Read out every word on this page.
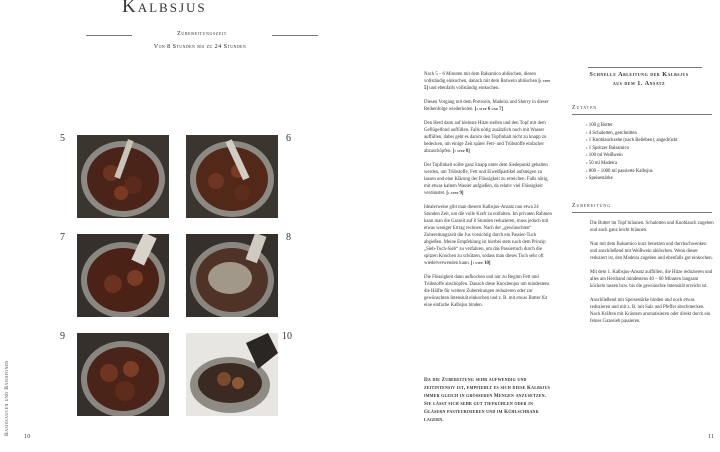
Kalbsjus
Zubereitungszeit
Von 8 Stunden bis zu 24 Stunden
5	6
7	8
9	10

Nach 5 – 6 Minuten mit dem Balsamico ablöschen, diesen vollständig einkochen, danach mit dem Rotwein ablöschen [› step 5] und ebenfalls vollständig einkochen.

Diesen Vorgang mit dem Portwein, Madeira und Sherry in dieser Reihenfolge wiederholen. [› step 6 und 7]

Den Herd dann auf kleinste Hitze stellen und den Topf mit dem Geflügelfond auffüllen. Falls nötig zusätzlich noch mit Wasser auffüllen, dabei geht es darum den Topfinhalt nicht zu knapp zu bedecken, um einige Zeit später Fett- und Trübstoffe einfacher abzuschöpfen. [› step 8]

Der Topfinhalt sollte ganz knapp unter dem Siedepunkt gehalten werden, um Trübstoffe, Fett und Eiweißpartikel aufsteigen zu lassen und eine Klärung der Flüssigkeit zu erreichen. Falls nötig, mit etwas kaltem Wasser aufgießen, da relativ viel Flüssigkeit verdunstet. [› step 9]

Idealerweise gibt man diesem Kalbsjus-Ansatz nun etwa 24 Stunden Zeit, um die volle Kraft zu entfalten. Im privaten Rahmen kann man die Garzeit auf 8 Stunden reduzieren, muss jedoch mit etwas weniger Ertrag rechnen. Nach der „gewünschten“ Zubereitungszeit die Jus vorsichtig durch ein Passier-Tuch abgießen. Meine Empfehlung ist hierbei stets nach dem Prinzip „Sieb-Tuch-Sieb“ zu verfahren, um das Passiertuch durch die spitzen Knochen zu schützen, sodass man dieses Tuch sehr oft wiederverwenden kann. [› step 10]

Die Flüssigkeit dann aufkochen und nur zu Beginn Fett und Trübstoffe abschöpfen. Danach diese Knochenjus um mindestens die Hälfte für weitere Zubereitungen reduzieren oder zur gewünschten Intensität einkochen und z. B. mit etwas Butter für eine einfache Kalbsjus binden.

Da die Zubereitung sehr aufwendig und zeitintensiv ist, empfiehlt es sich diese Kalbsjus immer gleich in größeren Mengen anzusetzen. Sie lässt sich sehr gut tiefkühlen oder in Gläsern pasteurisieren und im Kühlschrank lagern.
Schnelle Ableitung der Kalbsjus aus dem 1. Ansatz
Zutaten
› 100 g Butter
› 4 Schalotten, geschnitten
› 1 Knoblauchzehe (nach Belieben), angedrückt
› 1 Spritzer Balsamico
› 100 ml Weißwein
› 50 ml Madeira
› 800 – 1000 ml passierte Kalbsjus
› Speisestärke
Zubereitung

Die Butter im Topf bräunen. Schalotten und Knoblauch zugeben und auch ganz leicht bräunen.

Nun mit dem Balsamico kurz benetzen und durchschwenken und anschließend mit Weißwein ablöschen. Wenn dieser reduziert ist, den Madeira zugeben und ebenfalls gut einkochen.

Mit dem 1. Kalbsjus-Ansatz auffüllen, die Hitze reduzieren und alles am Herdrand mindestens 40 – 60 Minuten langsam köcheln lassen bzw. bis die gewünschte Intensität erreicht ist.

Anschließend mit Speisestärke binden und noch etwas reduzieren und mit z. B. mit Salz und Pfeffer abschmecken. Nach Kräften mit Kräutern aromatisieren oder direkt durch ein feines Gazesieb passieren.

Basissaucen und Basisfonds
10	11
